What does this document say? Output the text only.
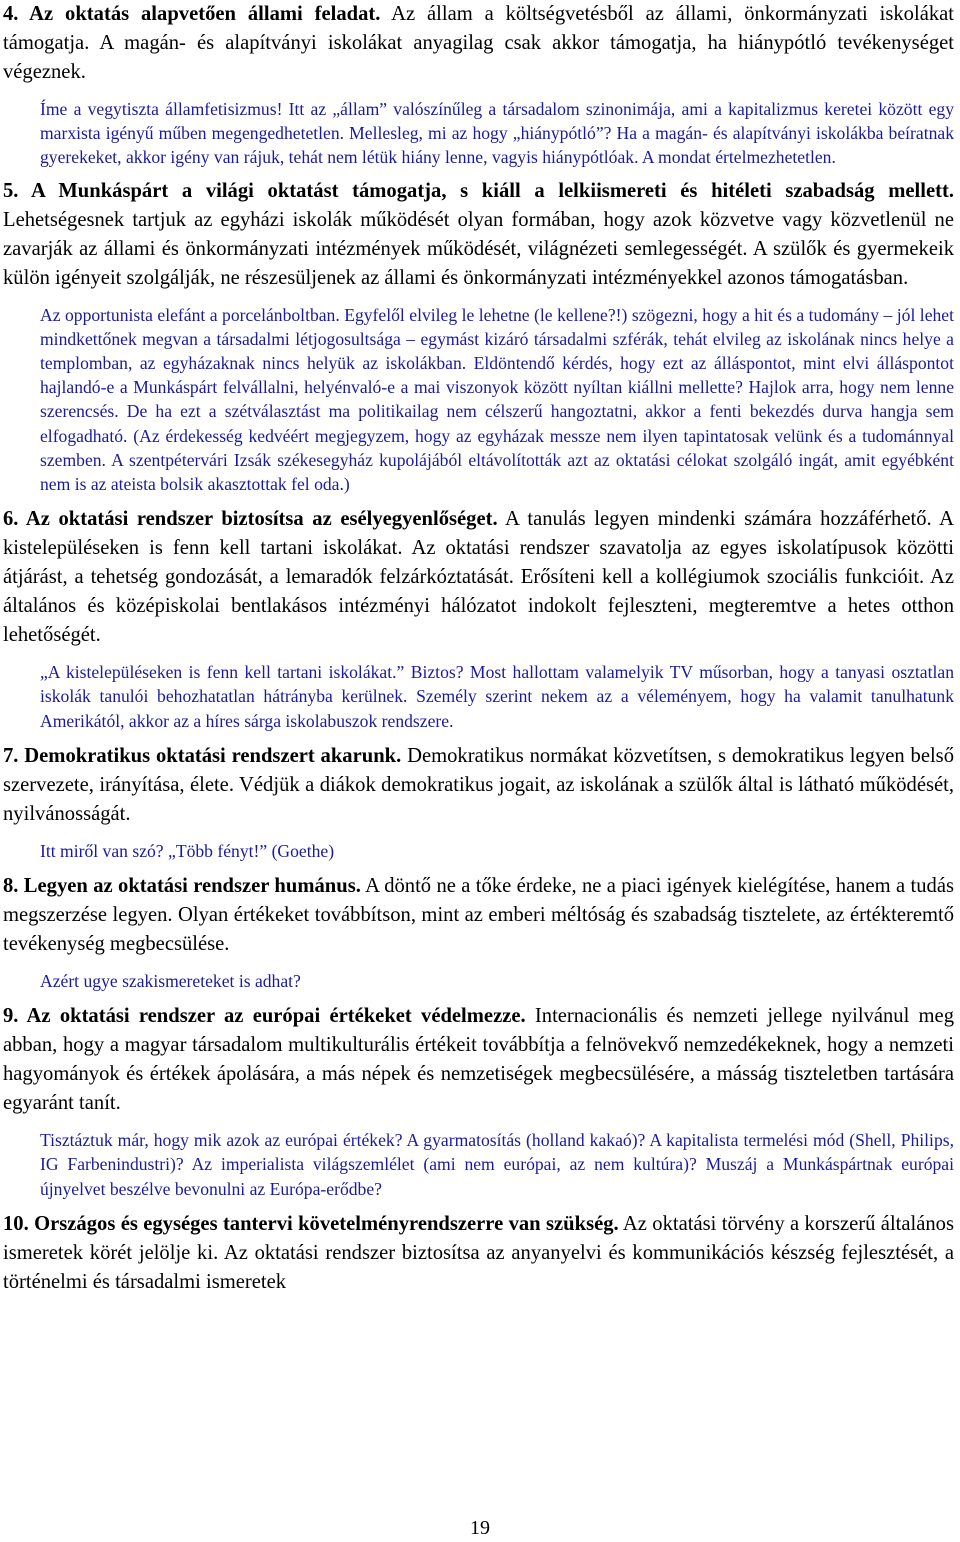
4. Az oktatás alapvetően állami feladat. Az állam a költségvetésből az állami, önkormányzati iskolákat támogatja. A magán- és alapítványi iskolákat anyagilag csak akkor támogatja, ha hiánypótló tevékenységet végeznek.

Íme a vegytiszta államfetisizmus! Itt az „állam” valószínűleg a társadalom szinonimája, ami a kapitalizmus keretei között egy marxista igényű műben megengedhetetlen. Mellesleg, mi az hogy „hiánypótló”? Ha a magán- és alapítványi iskolákba beíratnak gyerekeket, akkor igény van rájuk, tehát nem létük hiány lenne, vagyis hiánypótlóak. A mondat értelmezhetetlen.

5. A Munkáspárt a világi oktatást támogatja, s kiáll a lelkiismereti és hitéleti szabadság mellett. Lehetségesnek tartjuk az egyházi iskolák működését olyan formában, hogy azok közvetve vagy közvetlenül ne zavarják az állami és önkormányzati intézmények működését, világnézeti semlegességét. A szülők és gyermekeik külön igényeit szolgálják, ne részesüljenek az állami és önkormányzati intézményekkel azonos támogatásban.

Az opportunista elefánt a porcelánboltban. Egyfelől elvileg le lehetne (le kellene?!) szögezni, hogy a hit és a tudomány – jól lehet mindkettőnek megvan a társadalmi létjogosultsága – egymást kizáró társadalmi szférák, tehát elvileg az iskolának nincs helye a templomban, az egyházaknak nincs helyük az iskolákban. Eldöntendő kérdés, hogy ezt az álláspontot, mint elvi álláspontot hajlandó-e a Munkáspárt felvállalni, helyénvaló-e a mai viszonyok között nyíltan kiállni mellette? Hajlok arra, hogy nem lenne szerencsés. De ha ezt a szétválasztást ma politikailag nem célszerű hangoztatni, akkor a fenti bekezdés durva hangja sem elfogadható. (Az érdekesség kedvéért megjegyzem, hogy az egyházak messze nem ilyen tapintatosak velünk és a tudománnyal szemben. A szentpétervári Izsák székesegyház kupolájából eltávolították azt az oktatási célokat szolgáló ingát, amit egyébként nem is az ateista bolsik akasztottak fel oda.)

6. Az oktatási rendszer biztosítsa az esélyegyenlőséget. A tanulás legyen mindenki számára hozzáférhető. A kistelepüléseken is fenn kell tartani iskolákat. Az oktatási rendszer szavatolja az egyes iskolatípusok közötti átjárást, a tehetség gondozását, a lemaradók felzárkóztatását. Erősíteni kell a kollégiumok szociális funkcióit. Az általános és középiskolai bentlakásos intézményi hálózatot indokolt fejleszteni, megteremtve a hetes otthon lehetőségét.

„A kistelepüléseken is fenn kell tartani iskolákat.” Biztos? Most hallottam valamelyik TV műsorban, hogy a tanyasi osztatlan iskolák tanulói behozhatatlan hátrányba kerülnek. Személy szerint nekem az a véleményem, hogy ha valamit tanulhatunk Amerikától, akkor az a híres sárga iskolabuszok rendszere.

7. Demokratikus oktatási rendszert akarunk. Demokratikus normákat közvetítsen, s demokratikus legyen belső szervezete, irányítása, élete. Védjük a diákok demokratikus jogait, az iskolának a szülők által is látható működését, nyilvánosságát.

Itt miről van szó? „Több fényt!” (Goethe)

8. Legyen az oktatási rendszer humánus. A döntő ne a tőke érdeke, ne a piaci igények kielégítése, hanem a tudás megszerzése legyen. Olyan értékeket továbbítson, mint az emberi méltóság és szabadság tisztelete, az értékteremtő tevékenység megbecsülése.

Azért ugye szakismereteket is adhat?

9. Az oktatási rendszer az európai értékeket védelmezze. Internacionális és nemzeti jellege nyilvánul meg abban, hogy a magyar társadalom multikulturális értékeit továbbítja a felnövekvő nemzedékeknek, hogy a nemzeti hagyományok és értékek ápolására, a más népek és nemzetiségek megbecsülésére, a másság tiszteletben tartására egyaránt tanít.

Tisztáztuk már, hogy mik azok az európai értékek? A gyarmatosítás (holland kakaó)? A kapitalista termelési mód (Shell, Philips, IG Farbenindustri)? Az imperialista világszemlélet (ami nem európai, az nem kultúra)? Muszáj a Munkáspártnak európai újnyelvet beszélve bevonulni az Európa-erődbe?

10. Országos és egységes tantervi követelményrendszerre van szükség. Az oktatási törvény a korszerű általános ismeretek körét jelölje ki. Az oktatási rendszer biztosítsa az anyanyelvi és kommunikációs készség fejlesztését, a történelmi és társadalmi ismeretek

19
